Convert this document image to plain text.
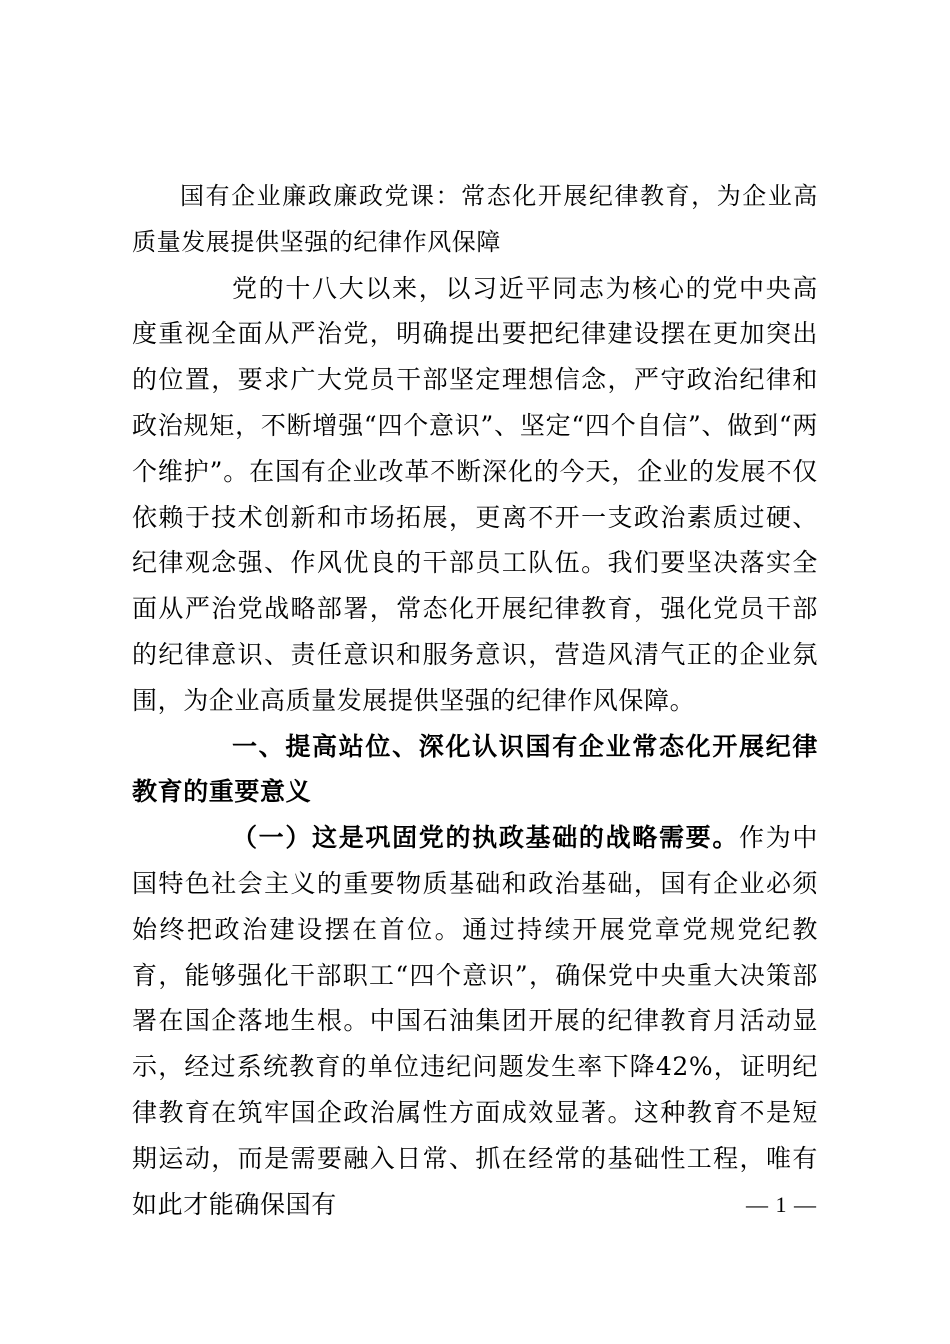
国有企业廉政廉政党课：常态化开展纪律教育，为企业高质量发展提供坚强的纪律作风保障

党的十八大以来，以习近平同志为核心的党中央高度重视全面从严治党，明确提出要把纪律建设摆在更加突出的位置，要求广大党员干部坚定理想信念，严守政治纪律和政治规矩，不断增强“四个意识”、坚定“四个自信”、做到“两个维护”。在国有企业改革不断深化的今天，企业的发展不仅依赖于技术创新和市场拓展，更离不开一支政治素质过硬、纪律观念强、作风优良的干部员工队伍。我们要坚决落实全面从严治党战略部署，常态化开展纪律教育，强化党员干部的纪律意识、责任意识和服务意识，营造风清气正的企业氛围，为企业高质量发展提供坚强的纪律作风保障。

一、提高站位、深化认识国有企业常态化开展纪律教育的重要意义

（一）这是巩固党的执政基础的战略需要。作为中国特色社会主义的重要物质基础和政治基础，国有企业必须始终把政治建设摆在首位。通过持续开展党章党规党纪教育，能够强化干部职工“四个意识”，确保党中央重大决策部署在国企落地生根。中国石油集团开展的纪律教育月活动显示，经过系统教育的单位违纪问题发生率下降42%，证明纪律教育在筑牢国企政治属性方面成效显著。这种教育不是短期运动，而是需要融入日常、抓在经常的基础性工程，唯有如此才能确保国有	— 1 —
